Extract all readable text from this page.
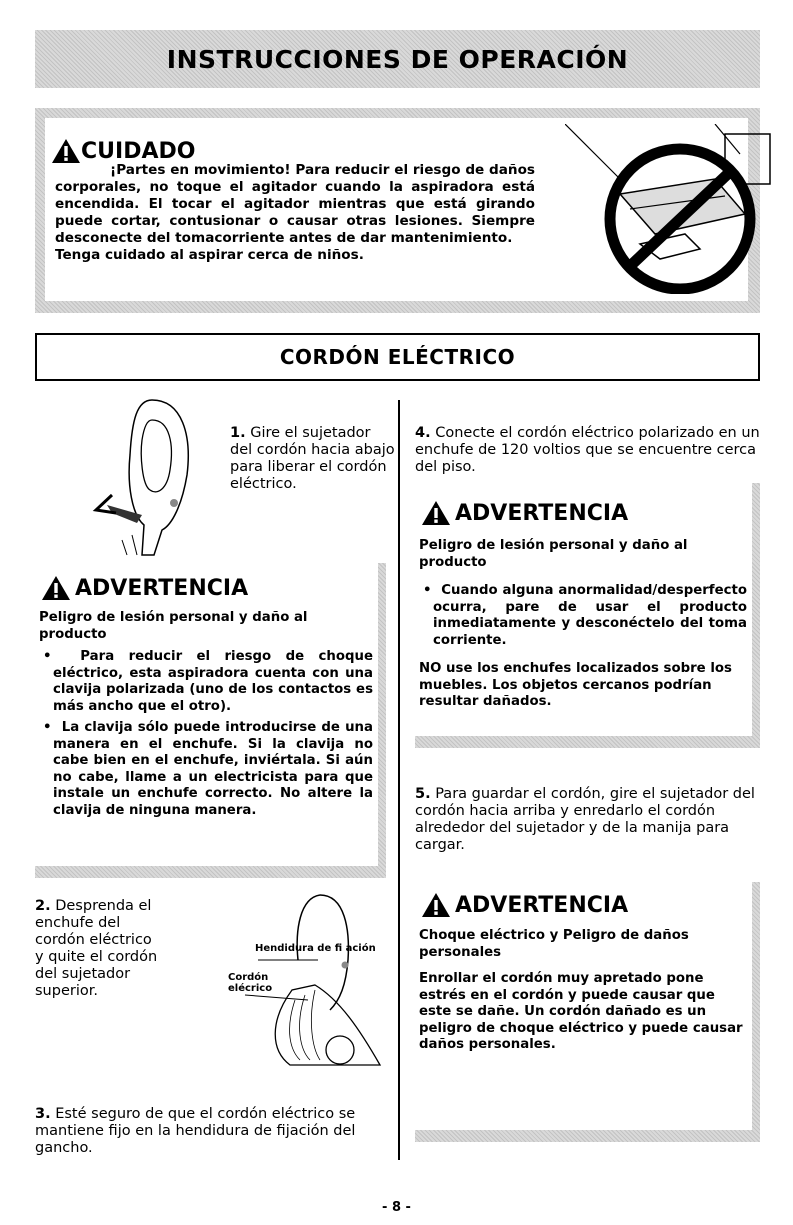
INSTRUCCIONES DE OPERACIÓN
CUIDADO

¡Partes en movimiento! Para reducir el riesgo de daños corporales, no toque el agitador cuando la aspiradora está encendida. El tocar el agitador mientras que está girando puede cortar, contusionar o causar otras lesiones. Siempre desconecte del tomacorriente antes de dar mantenimiento.

Tenga cuidado al aspirar cerca de niños.

CORDÓN ELÉCTRICO
1. Gire el sujetador del cordón hacia abajo para liberar el cordón eléctrico.
ADVERTENCIA

Peligro de lesión personal y daño al producto

•  Para reducir el riesgo de choque eléctrico, esta aspiradora cuenta con una clavija polarizada (uno de los contactos es más ancho que el otro).

•  La clavija sólo puede introducirse de una manera en el enchufe. Si la clavija no cabe bien en el enchufe, inviértala. Si aún no cabe, llame a un electricista para que instale un enchufe correcto. No altere la clavija de ninguna manera.

2. Desprenda el enchufe del cordón eléctrico y quite el cordón del sujetador superior.
Hendidura de fi ación
Cordón elécrico
3. Esté seguro de que el cordón eléctrico se mantiene fijo en la hendidura de fijación del gancho.
4. Conecte el cordón eléctrico polarizado en un enchufe de 120 voltios que se encuentre cerca del piso.
ADVERTENCIA

Peligro de lesión personal y daño al producto

•  Cuando alguna anormalidad/desperfecto ocurra, pare de usar el producto inmediatamente y desconéctelo del toma corriente.

NO use los enchufes localizados sobre los muebles. Los objetos cercanos podrían resultar dañados.

5. Para guardar el cordón, gire el sujetador del cordón hacia arriba y enredarlo el cordón alrededor del sujetador y de la manija para cargar.
ADVERTENCIA

Choque eléctrico y Peligro de daños personales

Enrollar el cordón muy apretado pone estrés en el cordón y puede causar que este se dañe. Un cordón dañado es un peligro de choque eléctrico y puede causar daños personales.

- 8 -
